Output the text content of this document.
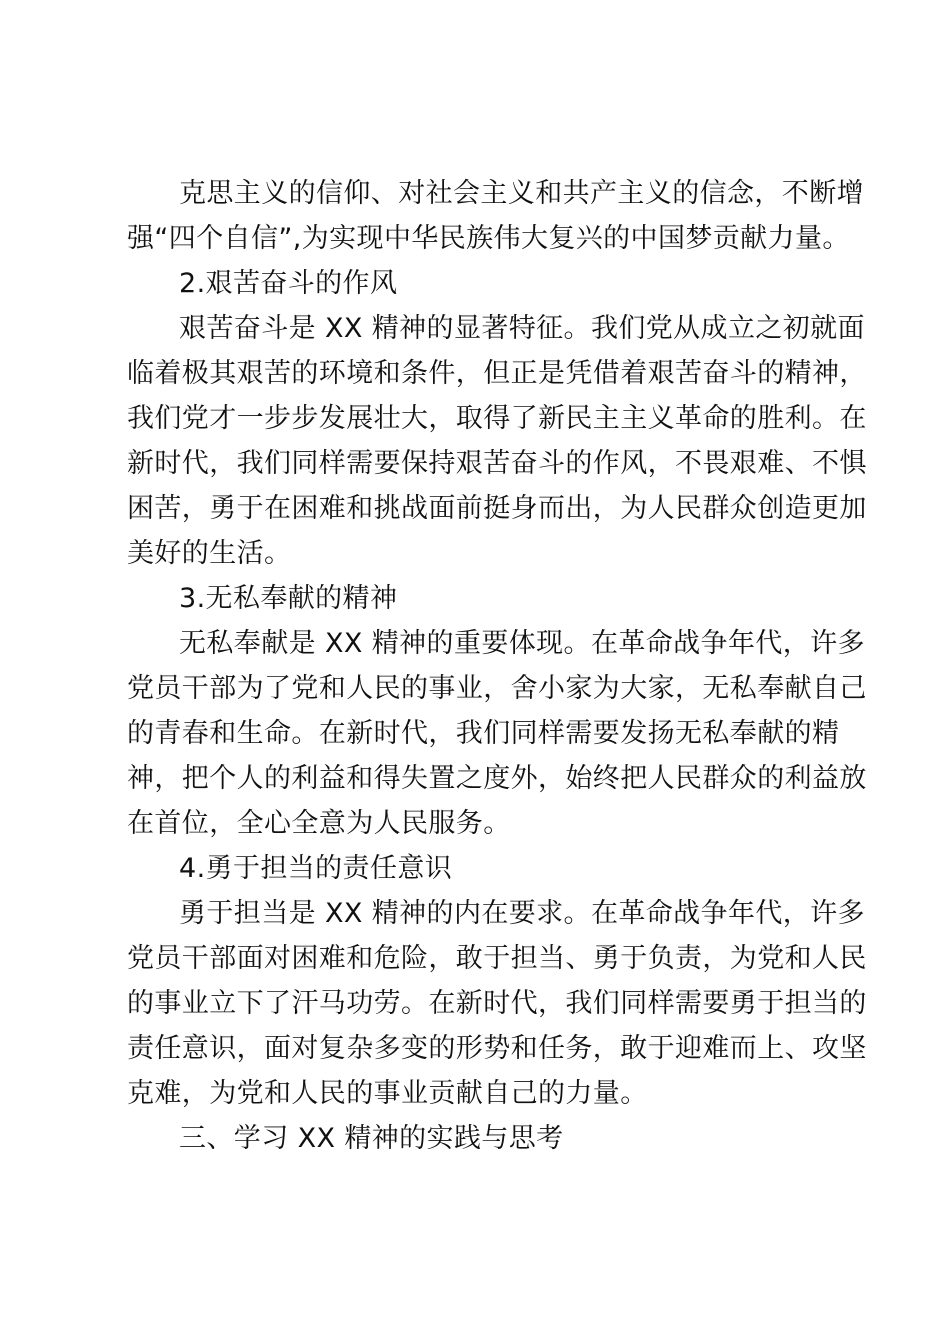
克思主义的信仰、对社会主义和共产主义的信念，不断增
强“四个自信”,为实现中华民族伟大复兴的中国梦贡献力量。
2.艰苦奋斗的作风
艰苦奋斗是 XX 精神的显著特征。我们党从成立之初就面
临着极其艰苦的环境和条件，但正是凭借着艰苦奋斗的精神，
我们党才一步步发展壮大，取得了新民主主义革命的胜利。在
新时代，我们同样需要保持艰苦奋斗的作风，不畏艰难、不惧
困苦，勇于在困难和挑战面前挺身而出，为人民群众创造更加
美好的生活。
3.无私奉献的精神
无私奉献是 XX 精神的重要体现。在革命战争年代，许多
党员干部为了党和人民的事业，舍小家为大家，无私奉献自己
的青春和生命。在新时代，我们同样需要发扬无私奉献的精
神，把个人的利益和得失置之度外，始终把人民群众的利益放
在首位，全心全意为人民服务。
4.勇于担当的责任意识
勇于担当是 XX 精神的内在要求。在革命战争年代，许多
党员干部面对困难和危险，敢于担当、勇于负责，为党和人民
的事业立下了汗马功劳。在新时代，我们同样需要勇于担当的
责任意识，面对复杂多变的形势和任务，敢于迎难而上、攻坚
克难，为党和人民的事业贡献自己的力量。
三、学习 XX 精神的实践与思考
